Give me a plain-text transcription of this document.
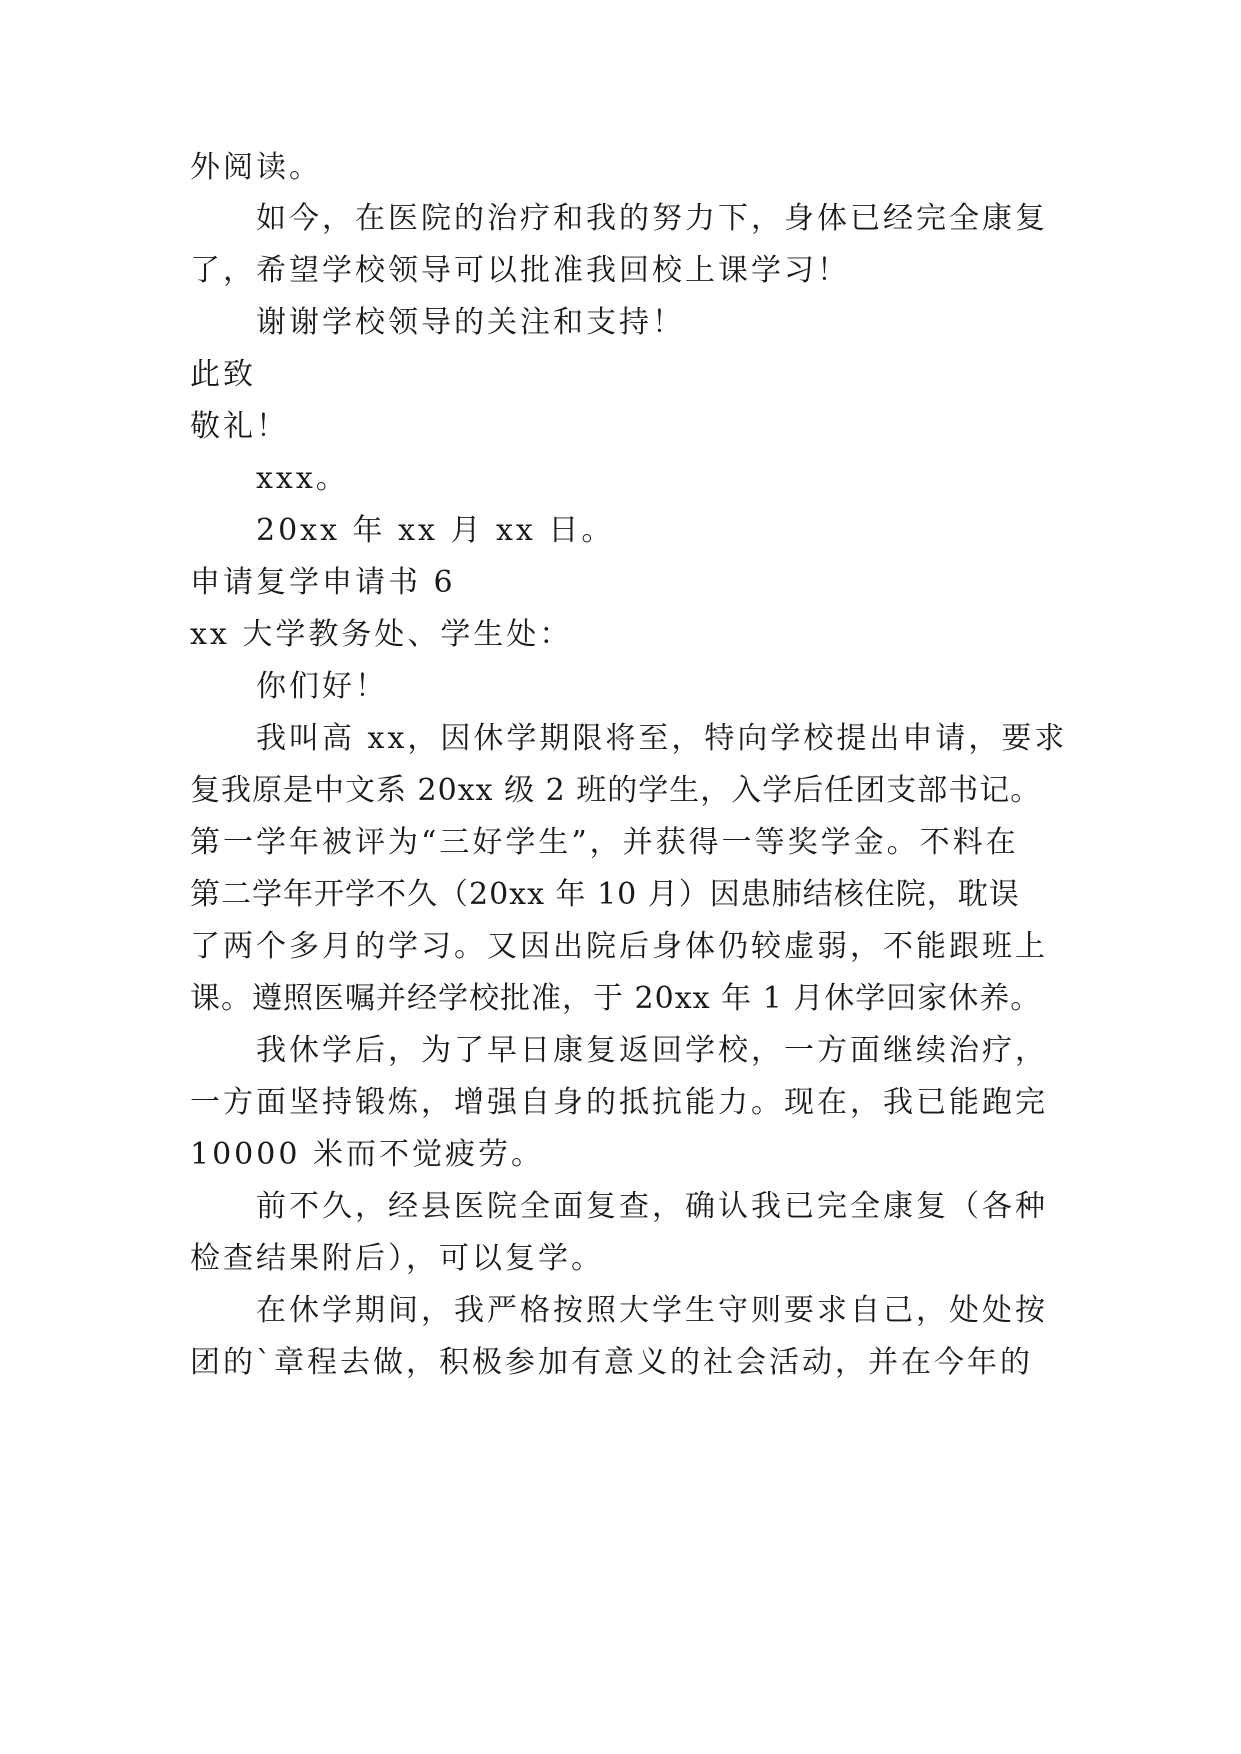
外阅读。
如今，在医院的治疗和我的努力下，身体已经完全康复
了，希望学校领导可以批准我回校上课学习！
谢谢学校领导的关注和支持！
此致
敬礼！
xxx。
20xx 年 xx 月 xx 日。
申请复学申请书 6
xx 大学教务处、学生处：
你们好！
我叫高 xx，因休学期限将至，特向学校提出申请，要求
复我原是中文系 20xx 级 2 班的学生，入学后任团支部书记。
第一学年被评为“三好学生”，并获得一等奖学金。不料在
第二学年开学不久（20xx 年 10 月）因患肺结核住院，耽误
了两个多月的学习。又因出院后身体仍较虚弱，不能跟班上
课。遵照医嘱并经学校批准，于 20xx 年 1 月休学回家休养。
我休学后，为了早日康复返回学校，一方面继续治疗，
一方面坚持锻炼，增强自身的抵抗能力。现在，我已能跑完
10000 米而不觉疲劳。
前不久，经县医院全面复查，确认我已完全康复（各种
检查结果附后），可以复学。
在休学期间，我严格按照大学生守则要求自己，处处按
团的`章程去做，积极参加有意义的社会活动，并在今年的
